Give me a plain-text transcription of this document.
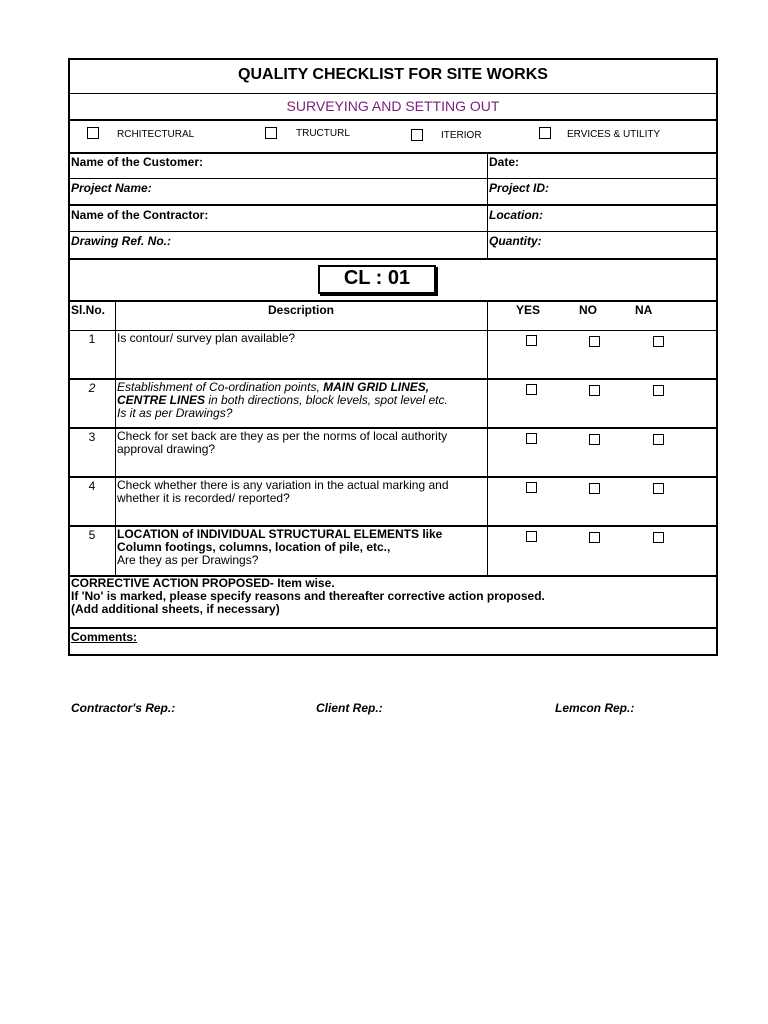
QUALITY CHECKLIST FOR SITE WORKS
SURVEYING AND SETTING OUT
RCHITECTURAL	TRUCTURL	ITERIOR	ERVICES & UTILITY
Name of the Customer:	Date:
Project Name:	Project ID:
Name of the Contractor:	Location:
Drawing Ref. No.:	Quantity:
CL : 01
Sl.No.	Description	YES	NO	NA
1	Is contour/ survey plan available?
2	Establishment of Co-ordination points, MAIN GRID LINES,
CENTRE LINES in both directions, block levels, spot level etc.
Is it as per Drawings?
3	Check for set back are they as per the norms of local authority
approval drawing?
4	Check whether there is any variation in the actual marking and
whether it is recorded/ reported?
5	LOCATION of INDIVIDUAL STRUCTURAL ELEMENTS like
Column footings, columns, location of pile, etc.,
Are they as per Drawings?
CORRECTIVE ACTION PROPOSED- Item wise.
If 'No' is marked, please specify reasons and thereafter corrective action proposed.
(Add additional sheets, if necessary)
Comments:
Contractor's Rep.:	Client Rep.:	Lemcon Rep.:
